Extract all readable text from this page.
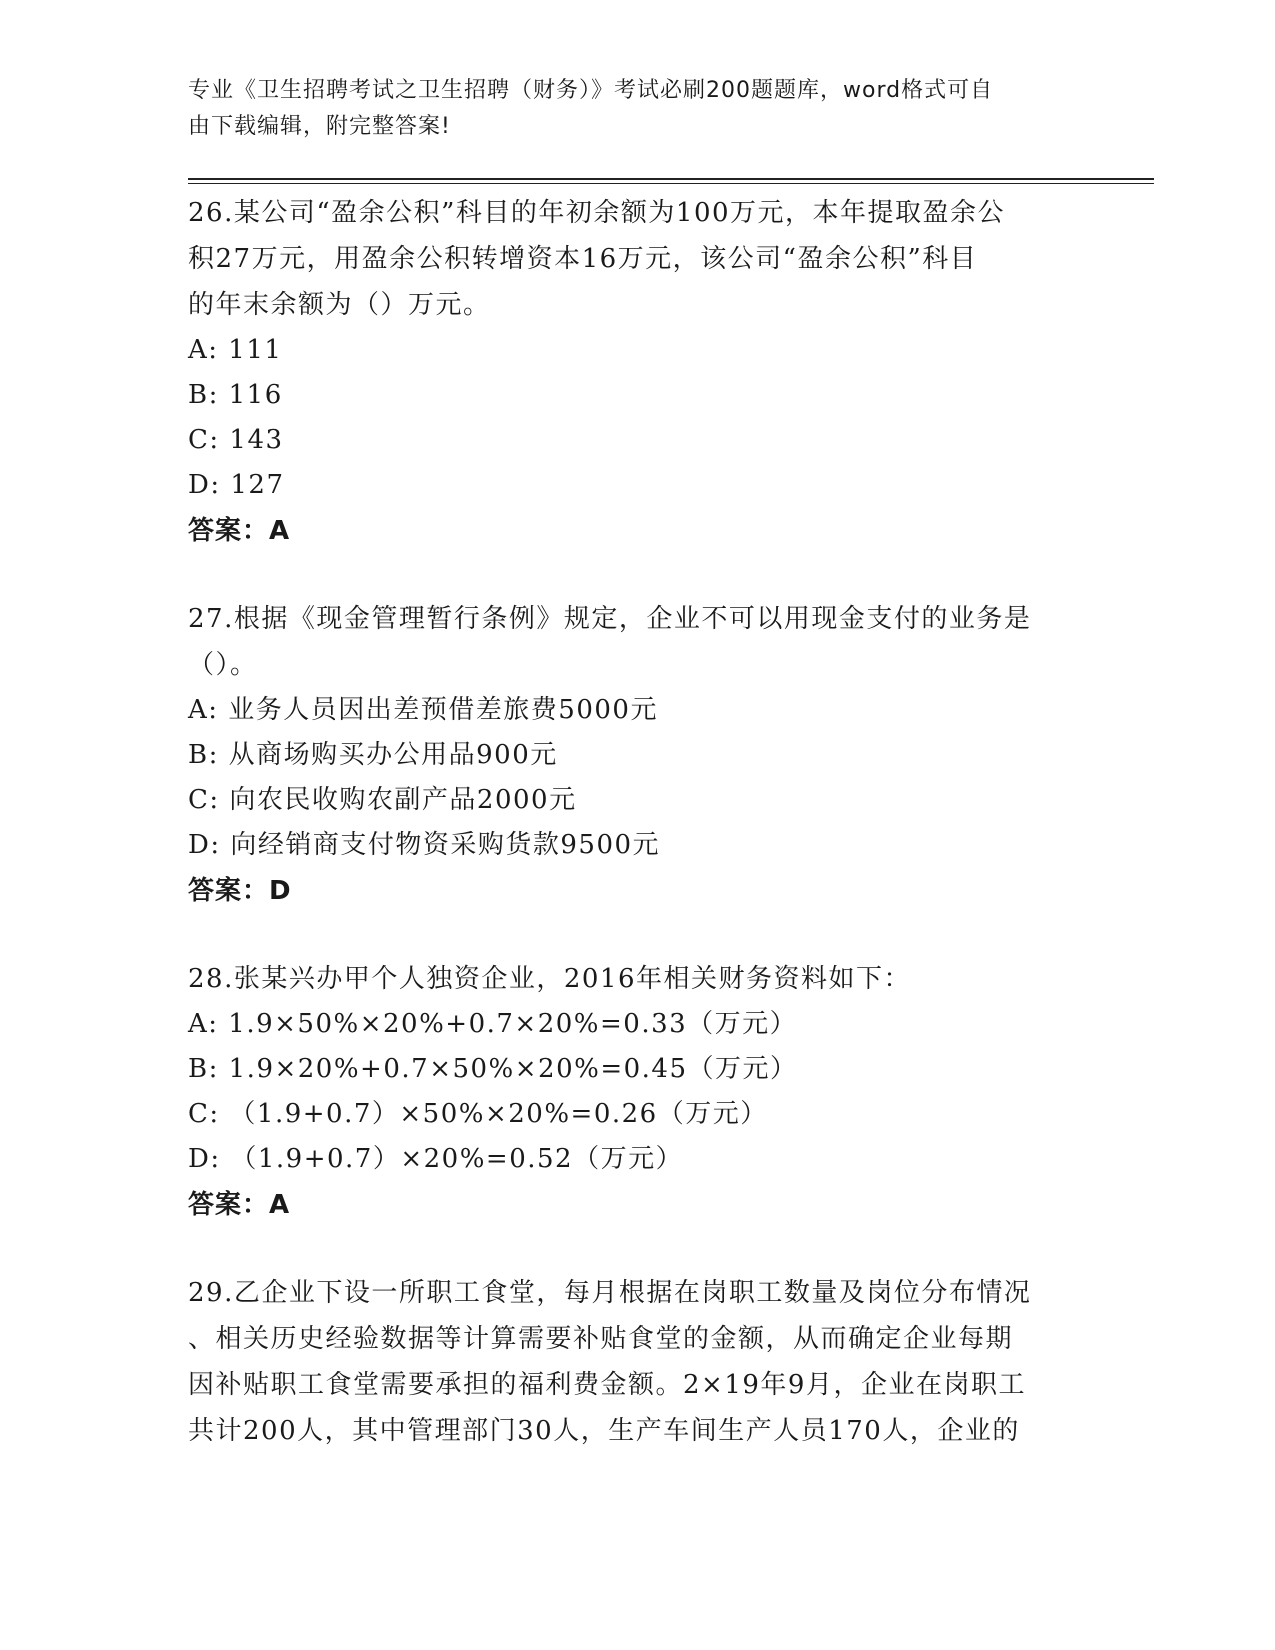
专业《卫生招聘考试之卫生招聘（财务）》考试必刷200题题库，word格式可自
由下载编辑，附完整答案!

26.某公司“盈余公积”科目的年初余额为100万元，本年提取盈余公

积27万元，用盈余公积转增资本16万元，该公司“盈余公积”科目

的年末余额为（）万元。

A: 111

B: 116

C: 143

D: 127

答案：A

27.根据《现金管理暂行条例》规定，企业不可以用现金支付的业务是

（）。

A: 业务人员因出差预借差旅费5000元

B: 从商场购买办公用品900元

C: 向农民收购农副产品2000元

D: 向经销商支付物资采购货款9500元

答案：D

28.张某兴办甲个人独资企业，2016年相关财务资料如下：

A: 1.9×50%×20%+0.7×20%=0.33（万元）

B: 1.9×20%+0.7×50%×20%=0.45（万元）

C: （1.9+0.7）×50%×20%=0.26（万元）

D: （1.9+0.7）×20%=0.52（万元）

答案：A

29.乙企业下设一所职工食堂，每月根据在岗职工数量及岗位分布情况

、相关历史经验数据等计算需要补贴食堂的金额，从而确定企业每期

因补贴职工食堂需要承担的福利费金额。2×19年9月，企业在岗职工

共计200人，其中管理部门30人，生产车间生产人员170人，企业的
